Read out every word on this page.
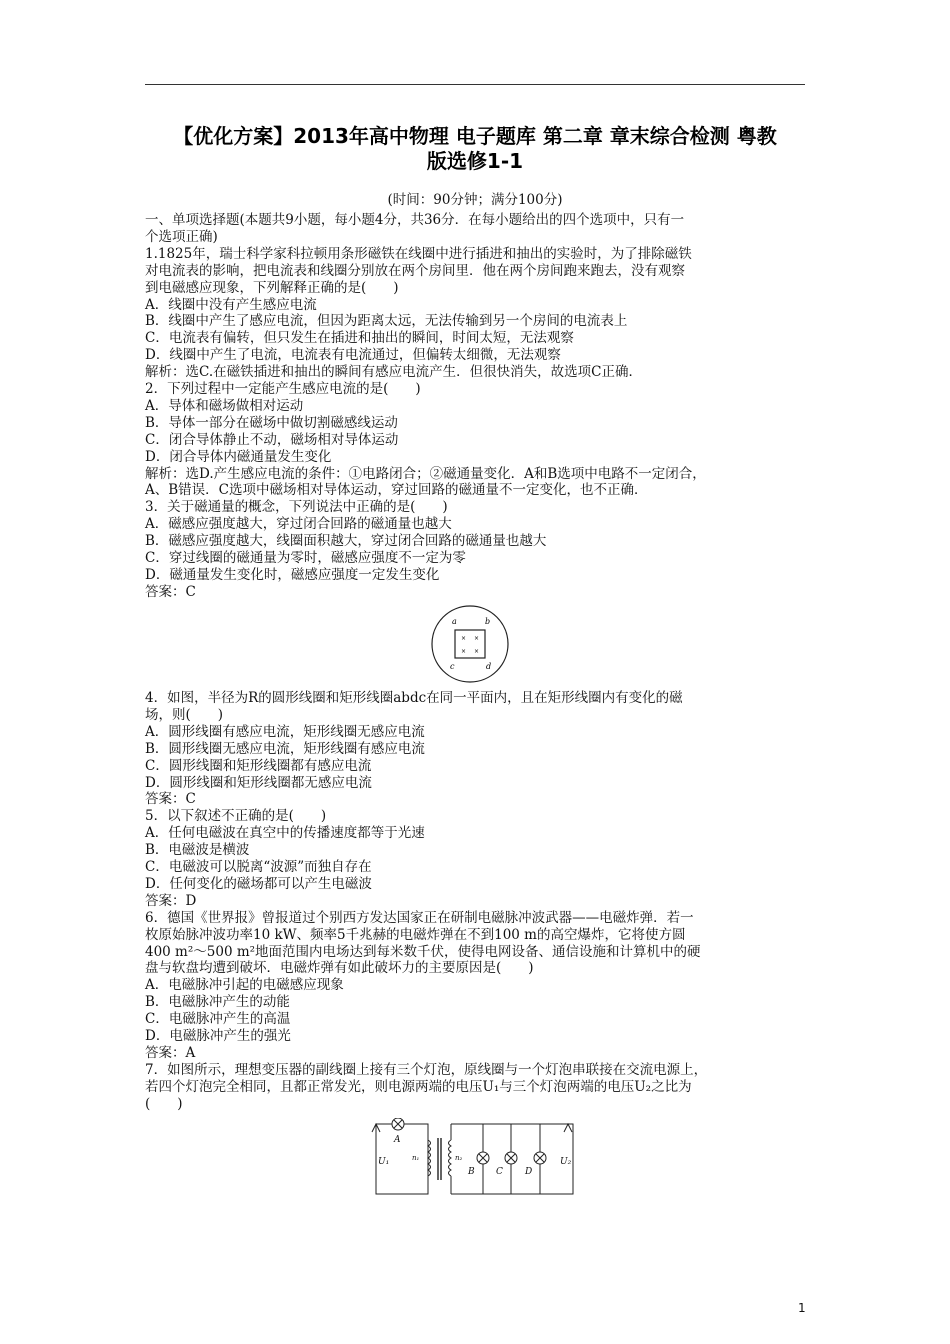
【优化方案】2013年高中物理 电子题库 第二章 章末综合检测 粤教
版选修1-1
(时间：90分钟；满分100分)
一、单项选择题(本题共9小题，每小题4分，共36分．在每小题给出的四个选项中，只有一
个选项正确)
1.1825年，瑞士科学家科拉顿用条形磁铁在线圈中进行插进和抽出的实验时，为了排除磁铁
对电流表的影响，把电流表和线圈分别放在两个房间里．他在两个房间跑来跑去，没有观察
到电磁感应现象，下列解释正确的是(　　)
A．线圈中没有产生感应电流
B．线圈中产生了感应电流，但因为距离太远，无法传输到另一个房间的电流表上
C．电流表有偏转，但只发生在插进和抽出的瞬间，时间太短，无法观察
D．线圈中产生了电流，电流表有电流通过，但偏转太细微，无法观察
解析：选C.在磁铁插进和抽出的瞬间有感应电流产生．但很快消失，故选项C正确．
2．下列过程中一定能产生感应电流的是(　　)
A．导体和磁场做相对运动
B．导体一部分在磁场中做切割磁感线运动
C．闭合导体静止不动，磁场相对导体运动
D．闭合导体内磁通量发生变化
解析：选D.产生感应电流的条件：①电路闭合；②磁通量变化．A和B选项中电路不一定闭合，
A、B错误．C选项中磁场相对导体运动，穿过回路的磁通量不一定变化，也不正确．
3．关于磁通量的概念，下列说法中正确的是(　　)
A．磁感应强度越大，穿过闭合回路的磁通量也越大
B．磁感应强度越大，线圈面积越大，穿过闭合回路的磁通量也越大
C．穿过线圈的磁通量为零时，磁感应强度不一定为零
D．磁通量发生变化时，磁感应强度一定发生变化
答案：C
a	b
c	d
× ×
× ×
4．如图，半径为R的圆形线圈和矩形线圈abdc在同一平面内，且在矩形线圈内有变化的磁
场，则(　　)
A．圆形线圈有感应电流，矩形线圈无感应电流
B．圆形线圈无感应电流，矩形线圈有感应电流
C．圆形线圈和矩形线圈都有感应电流
D．圆形线圈和矩形线圈都无感应电流
答案：C
5．以下叙述不正确的是(　　)
A．任何电磁波在真空中的传播速度都等于光速
B．电磁波是横波
C．电磁波可以脱离“波源”而独自存在
D．任何变化的磁场都可以产生电磁波
答案：D
6．德国《世界报》曾报道过个别西方发达国家正在研制电磁脉冲波武器——电磁炸弹．若一
枚原始脉冲波功率10 kW、频率5千兆赫的电磁炸弹在不到100 m的高空爆炸，它将使方圆
400 m²～500 m²地面范围内电场达到每米数千伏，使得电网设备、通信设施和计算机中的硬
盘与软盘均遭到破坏．电磁炸弹有如此破坏力的主要原因是(　　)
A．电磁脉冲引起的电磁感应现象
B．电磁脉冲产生的动能
C．电磁脉冲产生的高温
D．电磁脉冲产生的强光
答案：A
7．如图所示，理想变压器的副线圈上接有三个灯泡，原线圈与一个灯泡串联接在交流电源上，
若四个灯泡完全相同，且都正常发光，则电源两端的电压U₁与三个灯泡两端的电压U₂之比为
(　　)
A
U₁	n₁	n₂
B C D
U₂
1
